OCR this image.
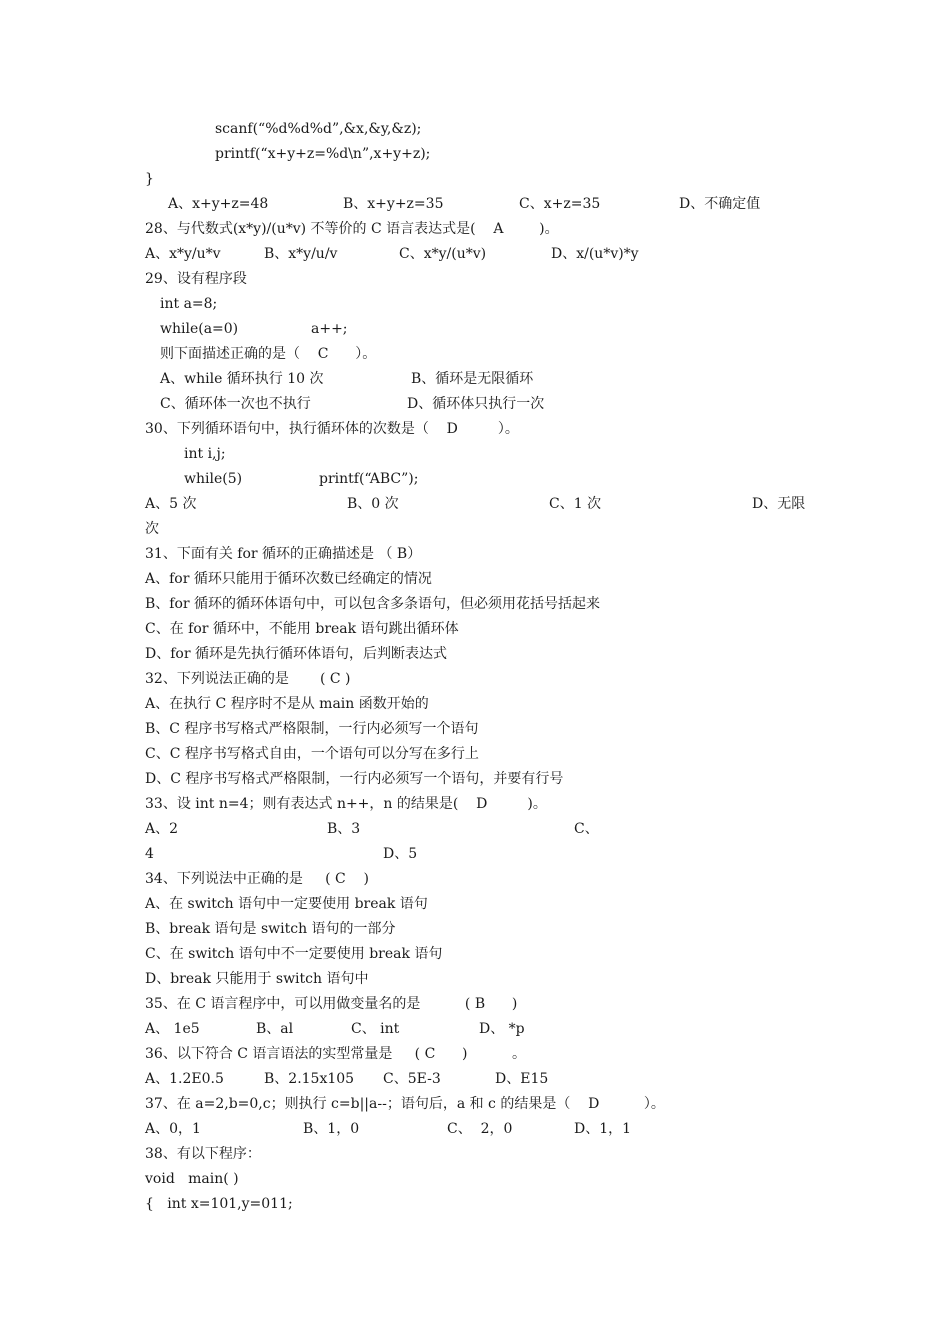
scanf(“%d%d%d”,&x,&y,&z);
printf(“x+y+z=%d\n”,x+y+z);
}

A、x+y+z=48

	B、x+y+z=35

	C、x+z=35

	D、不确定值

28、与代数式(x*y)/(u*v) 不等价的 C 语言表达式是(    A        )。

A、x*y/u*v

	B、x*y/u/v

	C、x*y/(u*v)

	D、x/(u*v)*y

29、设有程序段
int a=8;

while(a=0)

	a++;

则下面描述正确的是（    C      ）。

A、while 循环执行 10 次

	B、循环是无限循环

C、循环体一次也不执行

	D、循环体只执行一次

30、下列循环语句中，执行循环体的次数是（    D         ）。
int i,j;

while(5)

	printf(“ABC”);

A、5 次

	B、0 次

	C、1 次

	D、无限

次
31、下面有关 for 循环的正确描述是 （ B）
A、for 循环只能用于循环次数已经确定的情况
B、for 循环的循环体语句中，可以包含多条语句，但必须用花括号括起来
C、在 for 循环中，不能用 break 语句跳出循环体
D、for 循环是先执行循环体语句，后判断表达式
32、下列说法正确的是       ( C )
A、在执行 C 程序时不是从 main 函数开始的
B、C 程序书写格式严格限制，一行内必须写一个语句
C、C 程序书写格式自由，一个语句可以分写在多行上
D、C 程序书写格式严格限制，一行内必须写一个语句，并要有行号
33、设 int n=4；则有表达式 n++，n 的结果是(    D         )。

A、2

	B、3

	C、

4

	D、5

34、下列说法中正确的是     ( C    )
A、在 switch 语句中一定要使用 break 语句
B、break 语句是 switch 语句的一部分
C、在 switch 语句中不一定要使用 break 语句
D、break 只能用于 switch 语句中
35、在 C 语言程序中，可以用做变量名的是          ( B      )

A、 1e5

	B、al

	C、 int

	D、 *p

36、以下符合 C 语言语法的实型常量是     ( C      )          。

A、1.2E0.5

	B、2.15x105

C、5E-3

	D、E15

37、在 a=2,b=0,c；则执行 c=b||a--；语句后，a 和 c 的结果是（    D          ）。

A、0，1

	B、1，0

	C、  2，0

	D、1，1

38、有以下程序：
void   main( )
{   int x=101,y=011;
